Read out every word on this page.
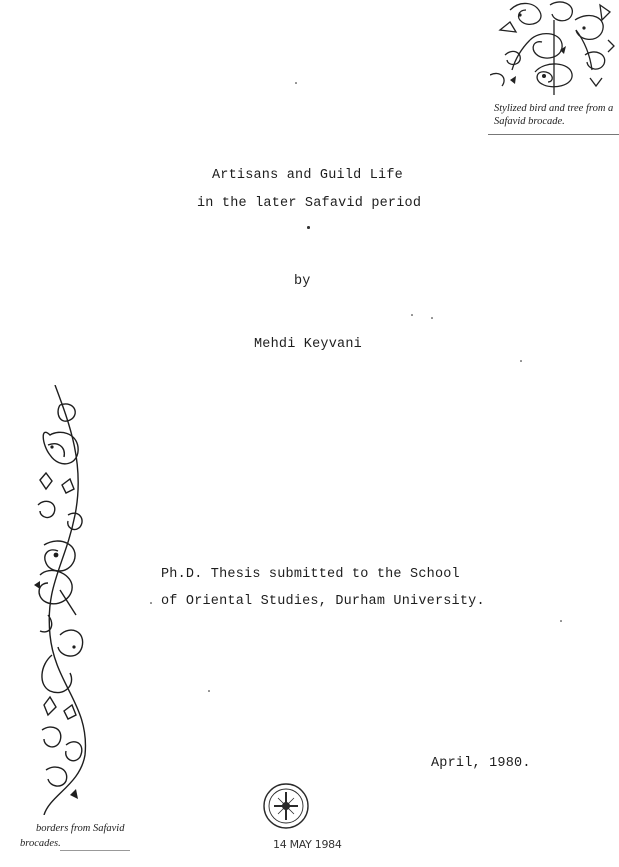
Stylized bird and tree from a
Safavid brocade.
Artisans and Guild Life
in the later Safavid period
by
Mehdi Keyvani
Ph.D. Thesis submitted to the School
of Oriental Studies, Durham University.
April, 1980.
borders from Safavid
brocades.	14 MAY 1984
